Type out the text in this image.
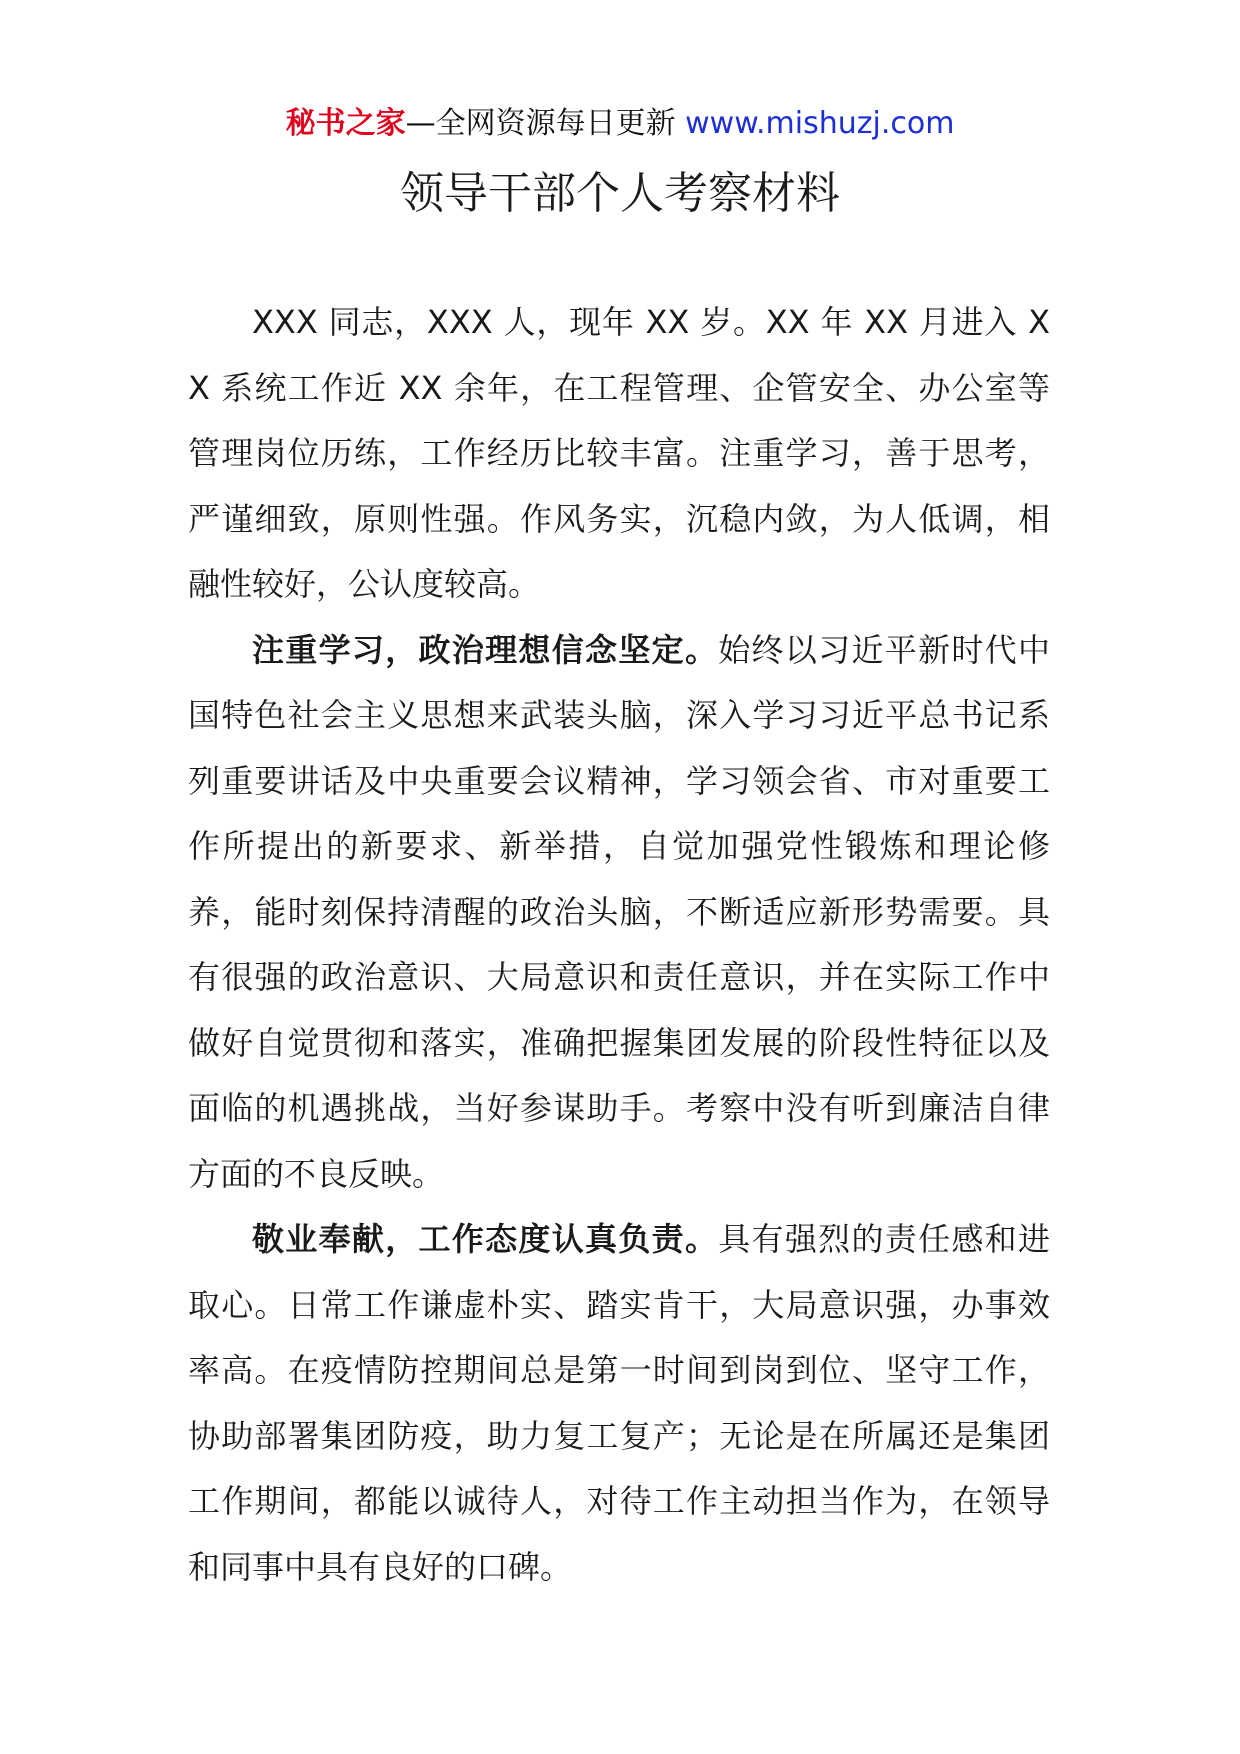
秘书之家—全网资源每日更新 www.mishuzj.com
领导干部个人考察材料

XXX 同志，XXX 人，现年 XX 岁。XX 年 XX 月进入 XX 系统工作近 XX 余年，在工程管理、企管安全、办公室等管理岗位历练，工作经历比较丰富。注重学习，善于思考，严谨细致，原则性强。作风务实，沉稳内敛，为人低调，相融性较好，公认度较高。

注重学习，政治理想信念坚定。始终以习近平新时代中国特色社会主义思想来武装头脑，深入学习习近平总书记系列重要讲话及中央重要会议精神，学习领会省、市对重要工作所提出的新要求、新举措，自觉加强党性锻炼和理论修养，能时刻保持清醒的政治头脑，不断适应新形势需要。具有很强的政治意识、大局意识和责任意识，并在实际工作中做好自觉贯彻和落实，准确把握集团发展的阶段性特征以及面临的机遇挑战，当好参谋助手。考察中没有听到廉洁自律方面的不良反映。

敬业奉献，工作态度认真负责。具有强烈的责任感和进取心。日常工作谦虚朴实、踏实肯干，大局意识强，办事效率高。在疫情防控期间总是第一时间到岗到位、坚守工作，协助部署集团防疫，助力复工复产；无论是在所属还是集团工作期间，都能以诚待人，对待工作主动担当作为，在领导和同事中具有良好的口碑。
